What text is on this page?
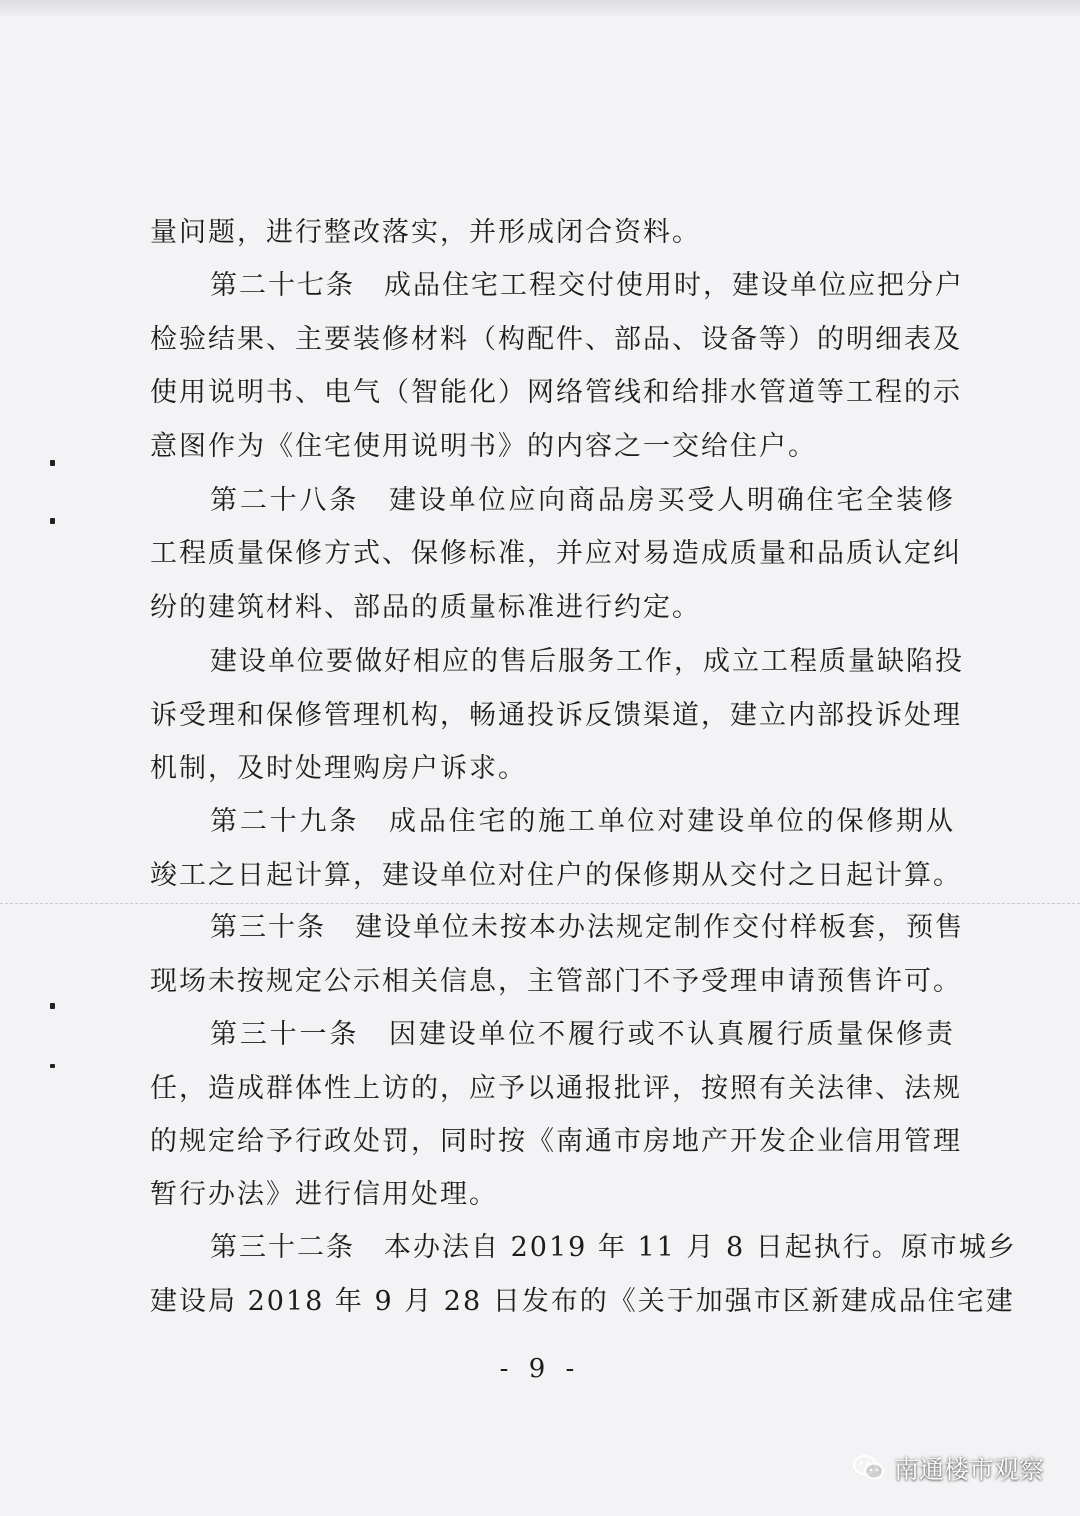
量问题，进行整改落实，并形成闭合资料。
第二十七条　成品住宅工程交付使用时，建设单位应把分户
检验结果、主要装修材料（构配件、部品、设备等）的明细表及
使用说明书、电气（智能化）网络管线和给排水管道等工程的示
意图作为《住宅使用说明书》的内容之一交给住户。
第二十八条　建设单位应向商品房买受人明确住宅全装修
工程质量保修方式、保修标准，并应对易造成质量和品质认定纠
纷的建筑材料、部品的质量标准进行约定。
建设单位要做好相应的售后服务工作，成立工程质量缺陷投
诉受理和保修管理机构，畅通投诉反馈渠道，建立内部投诉处理
机制，及时处理购房户诉求。
第二十九条　成品住宅的施工单位对建设单位的保修期从
竣工之日起计算，建设单位对住户的保修期从交付之日起计算。
第三十条　建设单位未按本办法规定制作交付样板套，预售
现场未按规定公示相关信息，主管部门不予受理申请预售许可。
第三十一条　因建设单位不履行或不认真履行质量保修责
任，造成群体性上访的，应予以通报批评，按照有关法律、法规
的规定给予行政处罚，同时按《南通市房地产开发企业信用管理
暂行办法》进行信用处理。
第三十二条　本办法自 2019 年 11 月 8 日起执行。原市城乡
建设局 2018 年 9 月 28 日发布的《关于加强市区新建成品住宅建
- 9 -
南通楼市观察
